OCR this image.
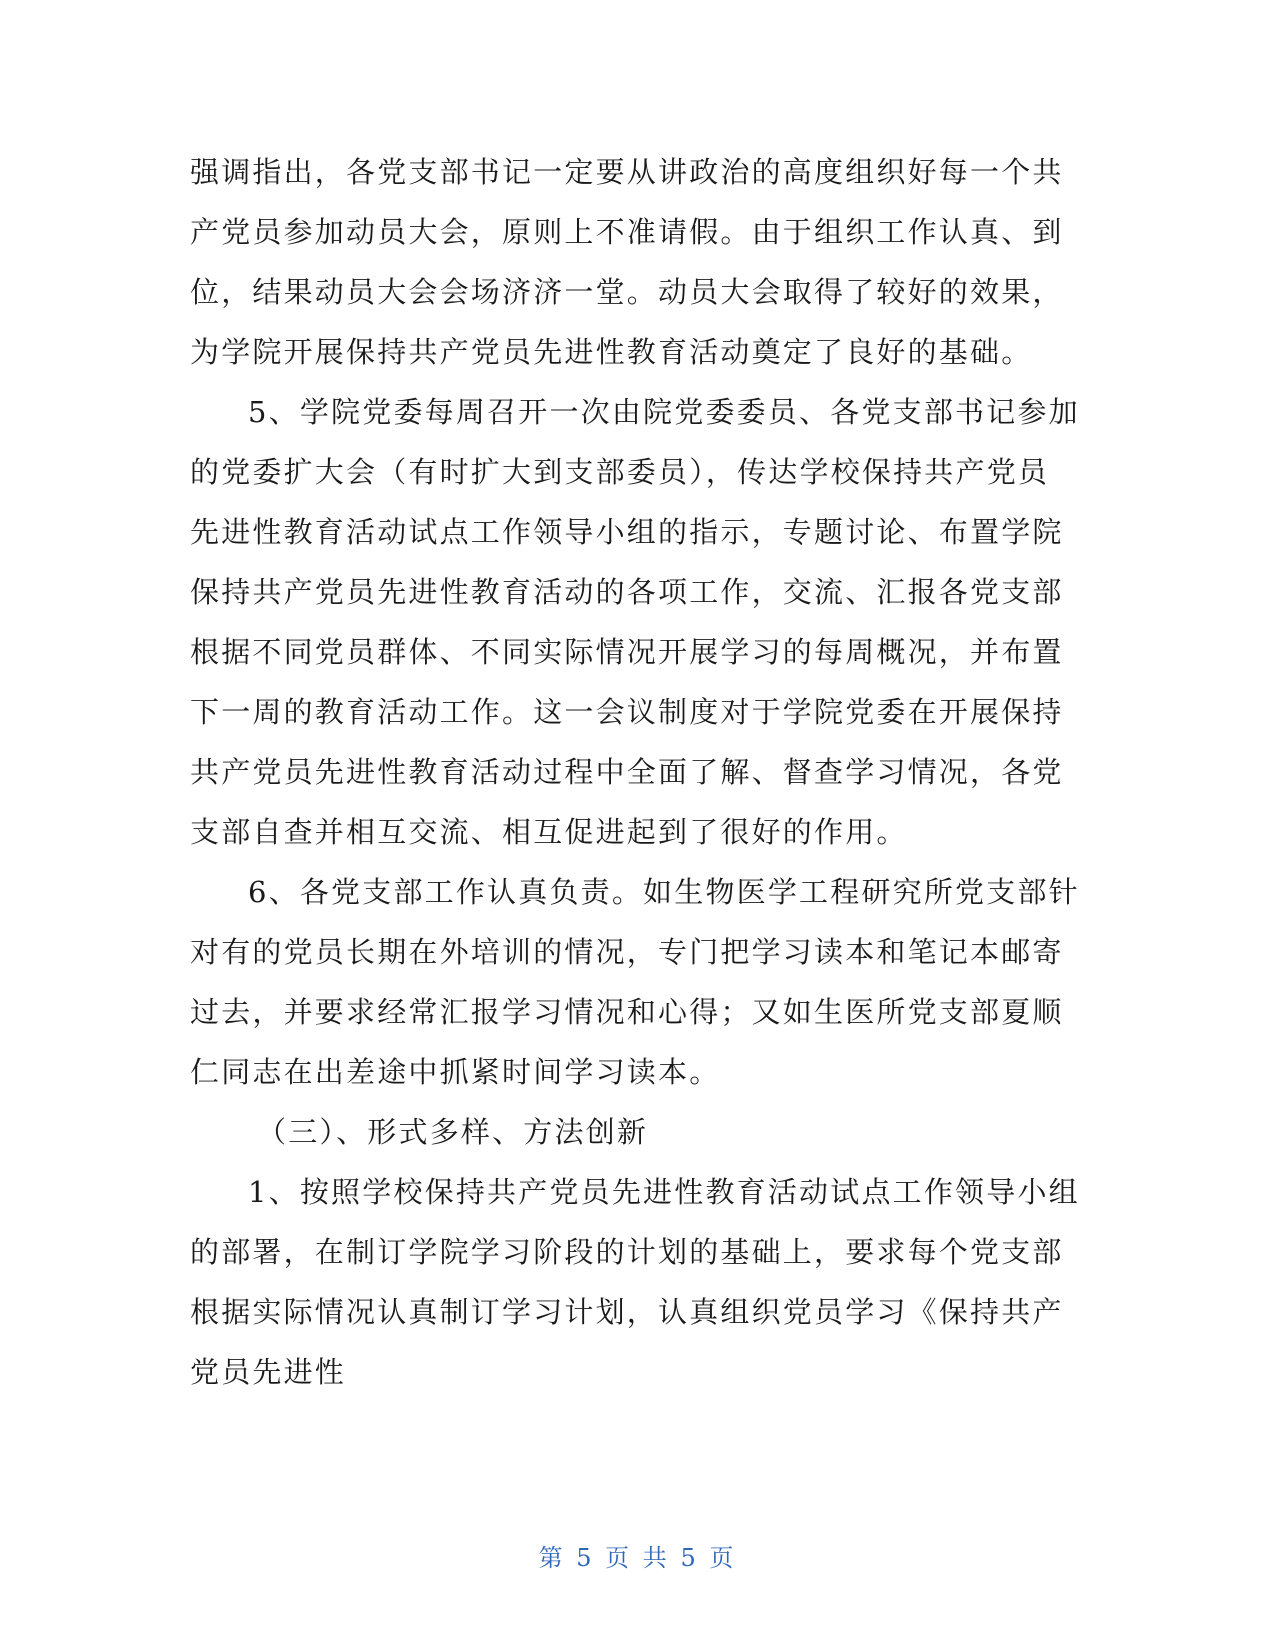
强调指出，各党支部书记一定要从讲政治的高度组织好每一个共
产党员参加动员大会，原则上不准请假。由于组织工作认真、到
位，结果动员大会会场济济一堂。动员大会取得了较好的效果，
为学院开展保持共产党员先进性教育活动奠定了良好的基础。
5、学院党委每周召开一次由院党委委员、各党支部书记参加
的党委扩大会（有时扩大到支部委员），传达学校保持共产党员
先进性教育活动试点工作领导小组的指示，专题讨论、布置学院
保持共产党员先进性教育活动的各项工作，交流、汇报各党支部
根据不同党员群体、不同实际情况开展学习的每周概况，并布置
下一周的教育活动工作。这一会议制度对于学院党委在开展保持
共产党员先进性教育活动过程中全面了解、督查学习情况，各党
支部自查并相互交流、相互促进起到了很好的作用。
6、各党支部工作认真负责。如生物医学工程研究所党支部针
对有的党员长期在外培训的情况，专门把学习读本和笔记本邮寄
过去，并要求经常汇报学习情况和心得；又如生医所党支部夏顺
仁同志在出差途中抓紧时间学习读本。
（三）、形式多样、方法创新
1、按照学校保持共产党员先进性教育活动试点工作领导小组
的部署，在制订学院学习阶段的计划的基础上，要求每个党支部
根据实际情况认真制订学习计划，认真组织党员学习《保持共产
党员先进性
第 5 页 共 5 页
